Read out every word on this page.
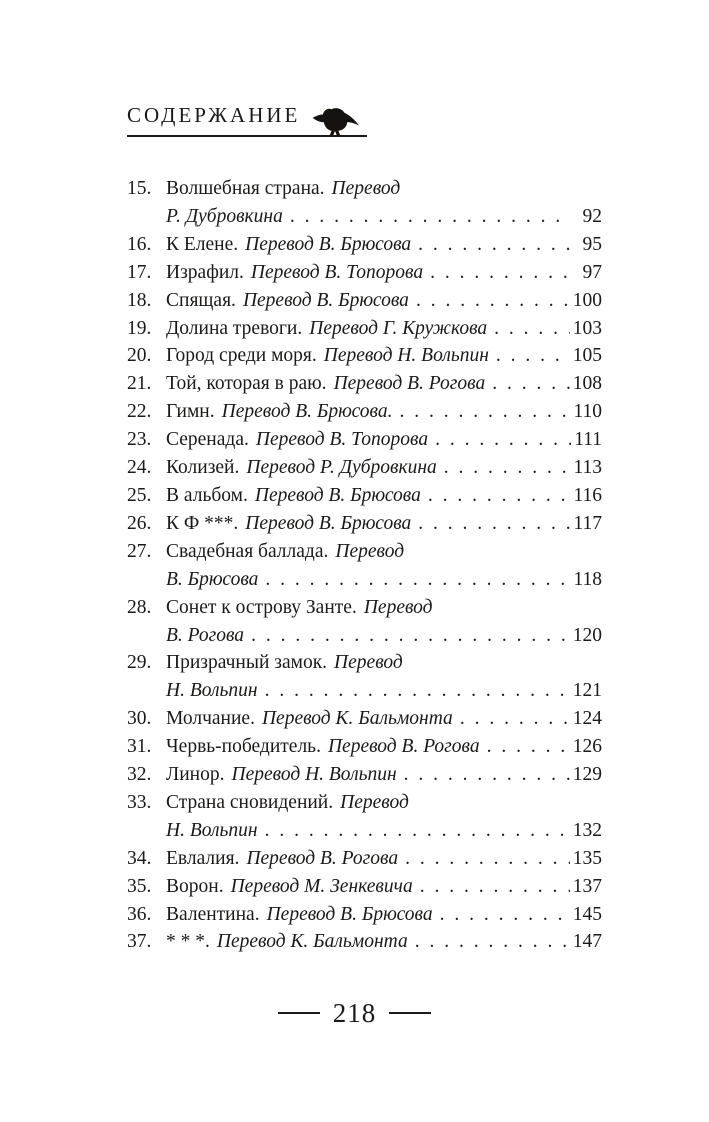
СОДЕРЖАНИЕ
15. Волшебная страна. Перевод
Р. Дубровкина . . .	92
16. К Елене. Перевод В. Брюсова . . .	95
17. Израфил. Перевод В. Топорова . . .	97
18. Спящая. Перевод В. Брюсова . . .	100
19. Долина тревоги. Перевод Г. Кружкова . . .	103
20. Город среди моря. Перевод Н. Вольпин . . .	105
21. Той, которая в раю. Перевод В. Рогова . . .	108
22. Гимн. Перевод В. Брюсова. . . .	110
23. Серенада. Перевод В. Топорова . . .	111
24. Колизей. Перевод Р. Дубровкина . . .	113
25. В альбом. Перевод В. Брюсова . . .	116
26. К Ф ***. Перевод В. Брюсова . . .	117
27. Свадебная баллада. Перевод
В. Брюсова . . .	118
28. Сонет к острову Занте. Перевод
В. Рогова . . .	120
29. Призрачный замок. Перевод
Н. Вольпин . . .	121
30. Молчание. Перевод К. Бальмонта . . .	124
31. Червь-победитель. Перевод В. Рогова . . .	126
32. Линор. Перевод Н. Вольпин . . .	129
33. Страна сновидений. Перевод
Н. Вольпин . . .	132
34. Евлалия. Перевод В. Рогова . . .	135
35. Ворон. Перевод М. Зенкевича . . .	137
36. Валентина. Перевод В. Брюсова . . .	145
37. * * *. Перевод К. Бальмонта . . .	147
218
